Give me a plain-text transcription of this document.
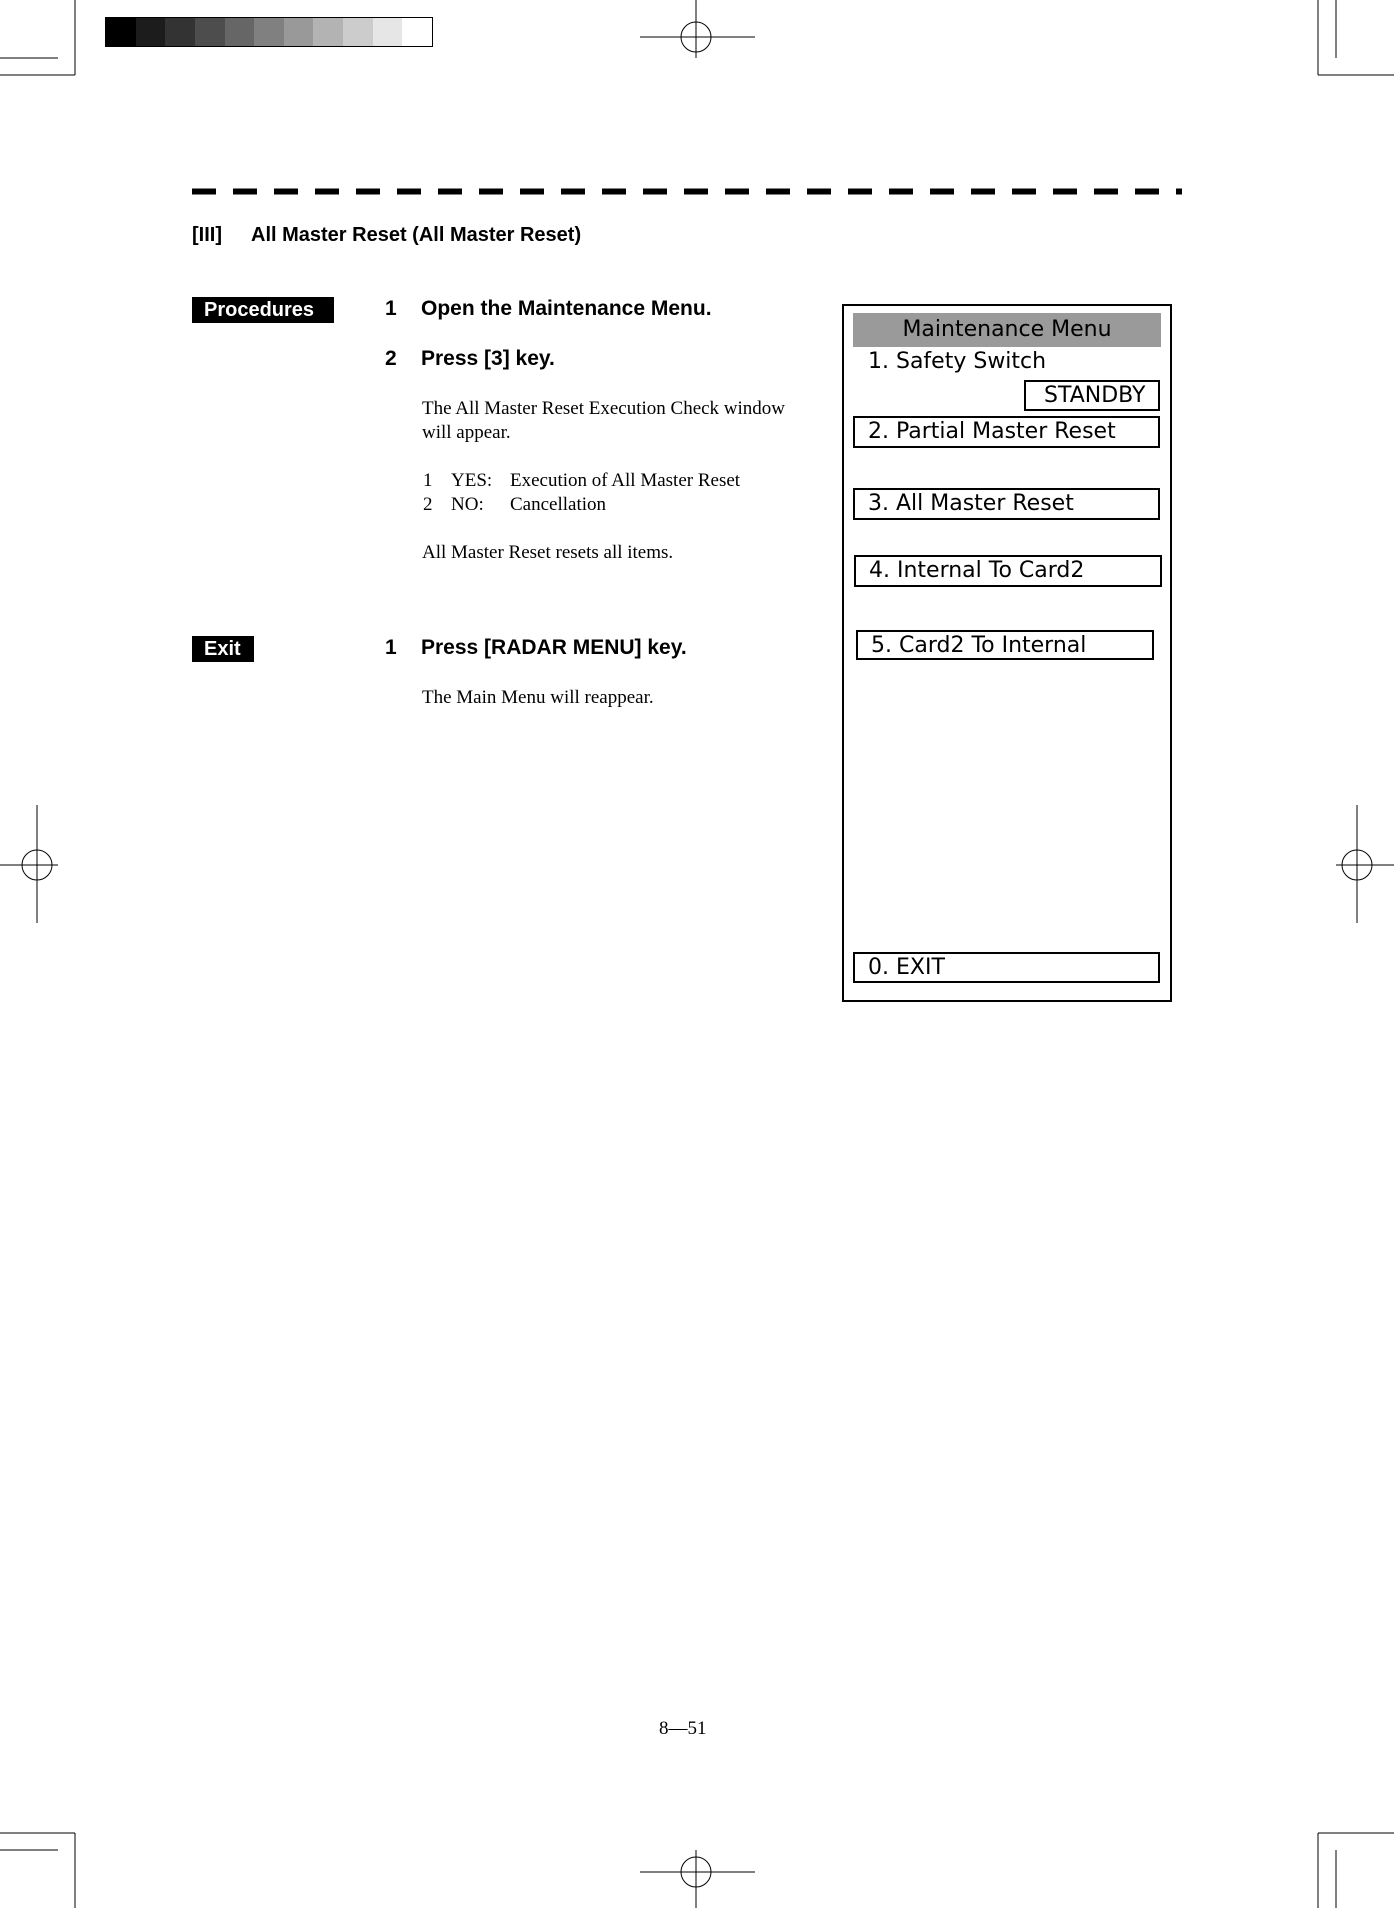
[III] All Master Reset (All Master Reset)
Procedures	1 Open the Maintenance Menu.
2 Press [3] key.
The All Master Reset Execution Check window
will appear.
1 YES: Execution of All Master Reset
2 NO: Cancellation
All Master Reset resets all items.
Exit	1 Press [RADAR MENU] key.
The Main Menu will reappear.
Maintenance Menu
1. Safety Switch
STANDBY
2. Partial Master Reset
3. All Master Reset
4. Internal To Card2
5. Card2 To Internal
0. EXIT
8—51
